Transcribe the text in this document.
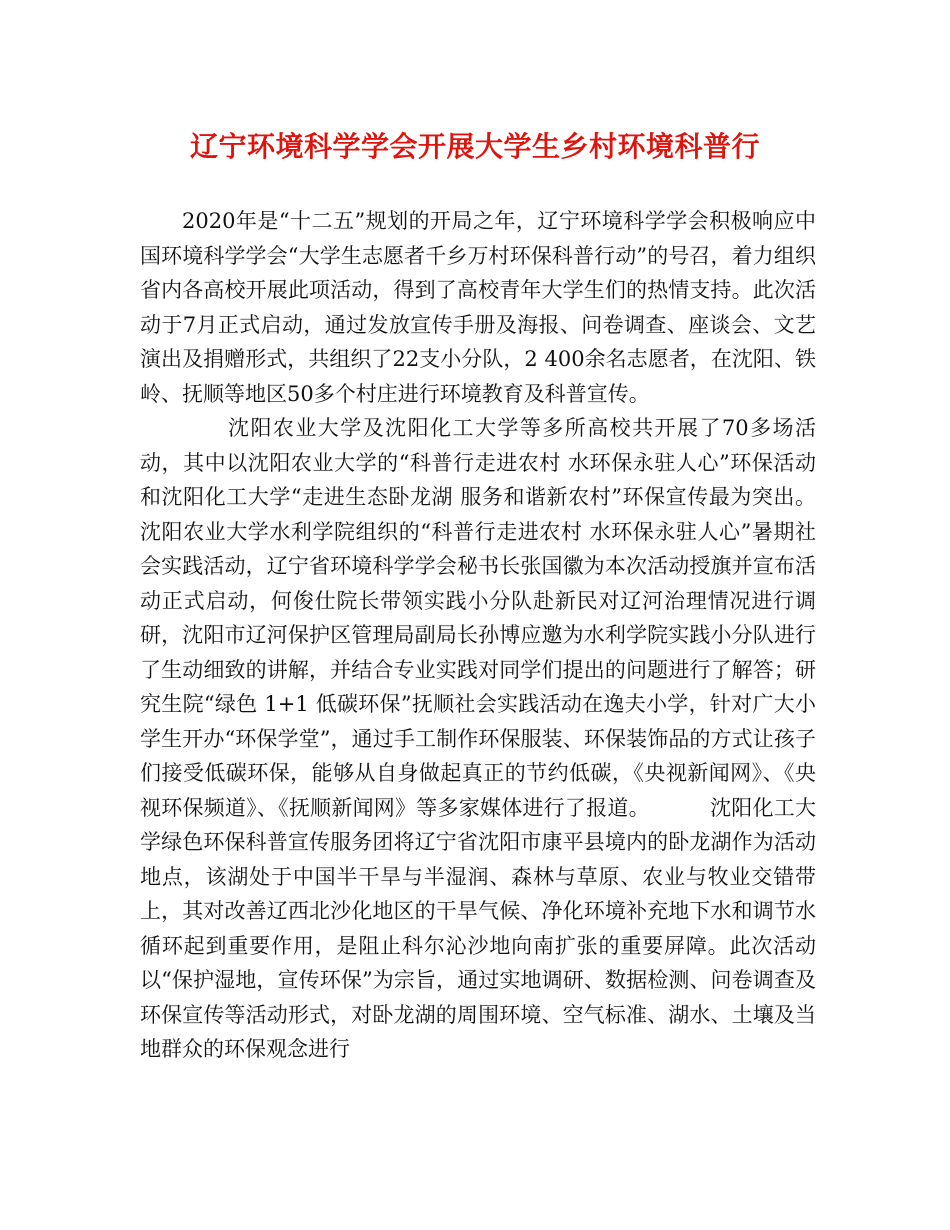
辽宁环境科学学会开展大学生乡村环境科普行

2020年是“十二五”规划的开局之年，辽宁环境科学学会积极响应中国环境科学学会“大学生志愿者千乡万村环保科普行动”的号召，着力组织省内各高校开展此项活动，得到了高校青年大学生们的热情支持。此次活动于7月正式启动，通过发放宣传手册及海报、问卷调查、座谈会、文艺演出及捐赠形式，共组织了22支小分队，2 400余名志愿者，在沈阳、铁岭、抚顺等地区50多个村庄进行环境教育及科普宣传。

沈阳农业大学及沈阳化工大学等多所高校共开展了70多场活动，其中以沈阳农业大学的“科普行走进农村 水环保永驻人心”环保活动和沈阳化工大学“走进生态卧龙湖 服务和谐新农村”环保宣传最为突出。沈阳农业大学水利学院组织的“科普行走进农村 水环保永驻人心”暑期社会实践活动，辽宁省环境科学学会秘书长张国徽为本次活动授旗并宣布活动正式启动，何俊仕院长带领实践小分队赴新民对辽河治理情况进行调研，沈阳市辽河保护区管理局副局长孙博应邀为水利学院实践小分队进行了生动细致的讲解，并结合专业实践对同学们提出的问题进行了解答；研究生院“绿色 1+1 低碳环保”抚顺社会实践活动在逸夫小学，针对广大小学生开办“环保学堂”，通过手工制作环保服装、环保装饰品的方式让孩子们接受低碳环保，能够从自身做起真正的节约低碳，《央视新闻网》、《央视环保频道》、《抚顺新闻网》等多家媒体进行了报道。	沈阳化工大学绿色环保科普宣传服务团将辽宁省沈阳市康平县境内的卧龙湖作为活动地点，该湖处于中国半干旱与半湿润、森林与草原、农业与牧业交错带上，其对改善辽西北沙化地区的干旱气候、净化环境补充地下水和调节水循环起到重要作用，是阻止科尔沁沙地向南扩张的重要屏障。此次活动以“保护湿地，宣传环保”为宗旨，通过实地调研、数据检测、问卷调查及环保宣传等活动形式，对卧龙湖的周围环境、空气标准、湖水、土壤及当地群众的环保观念进行
